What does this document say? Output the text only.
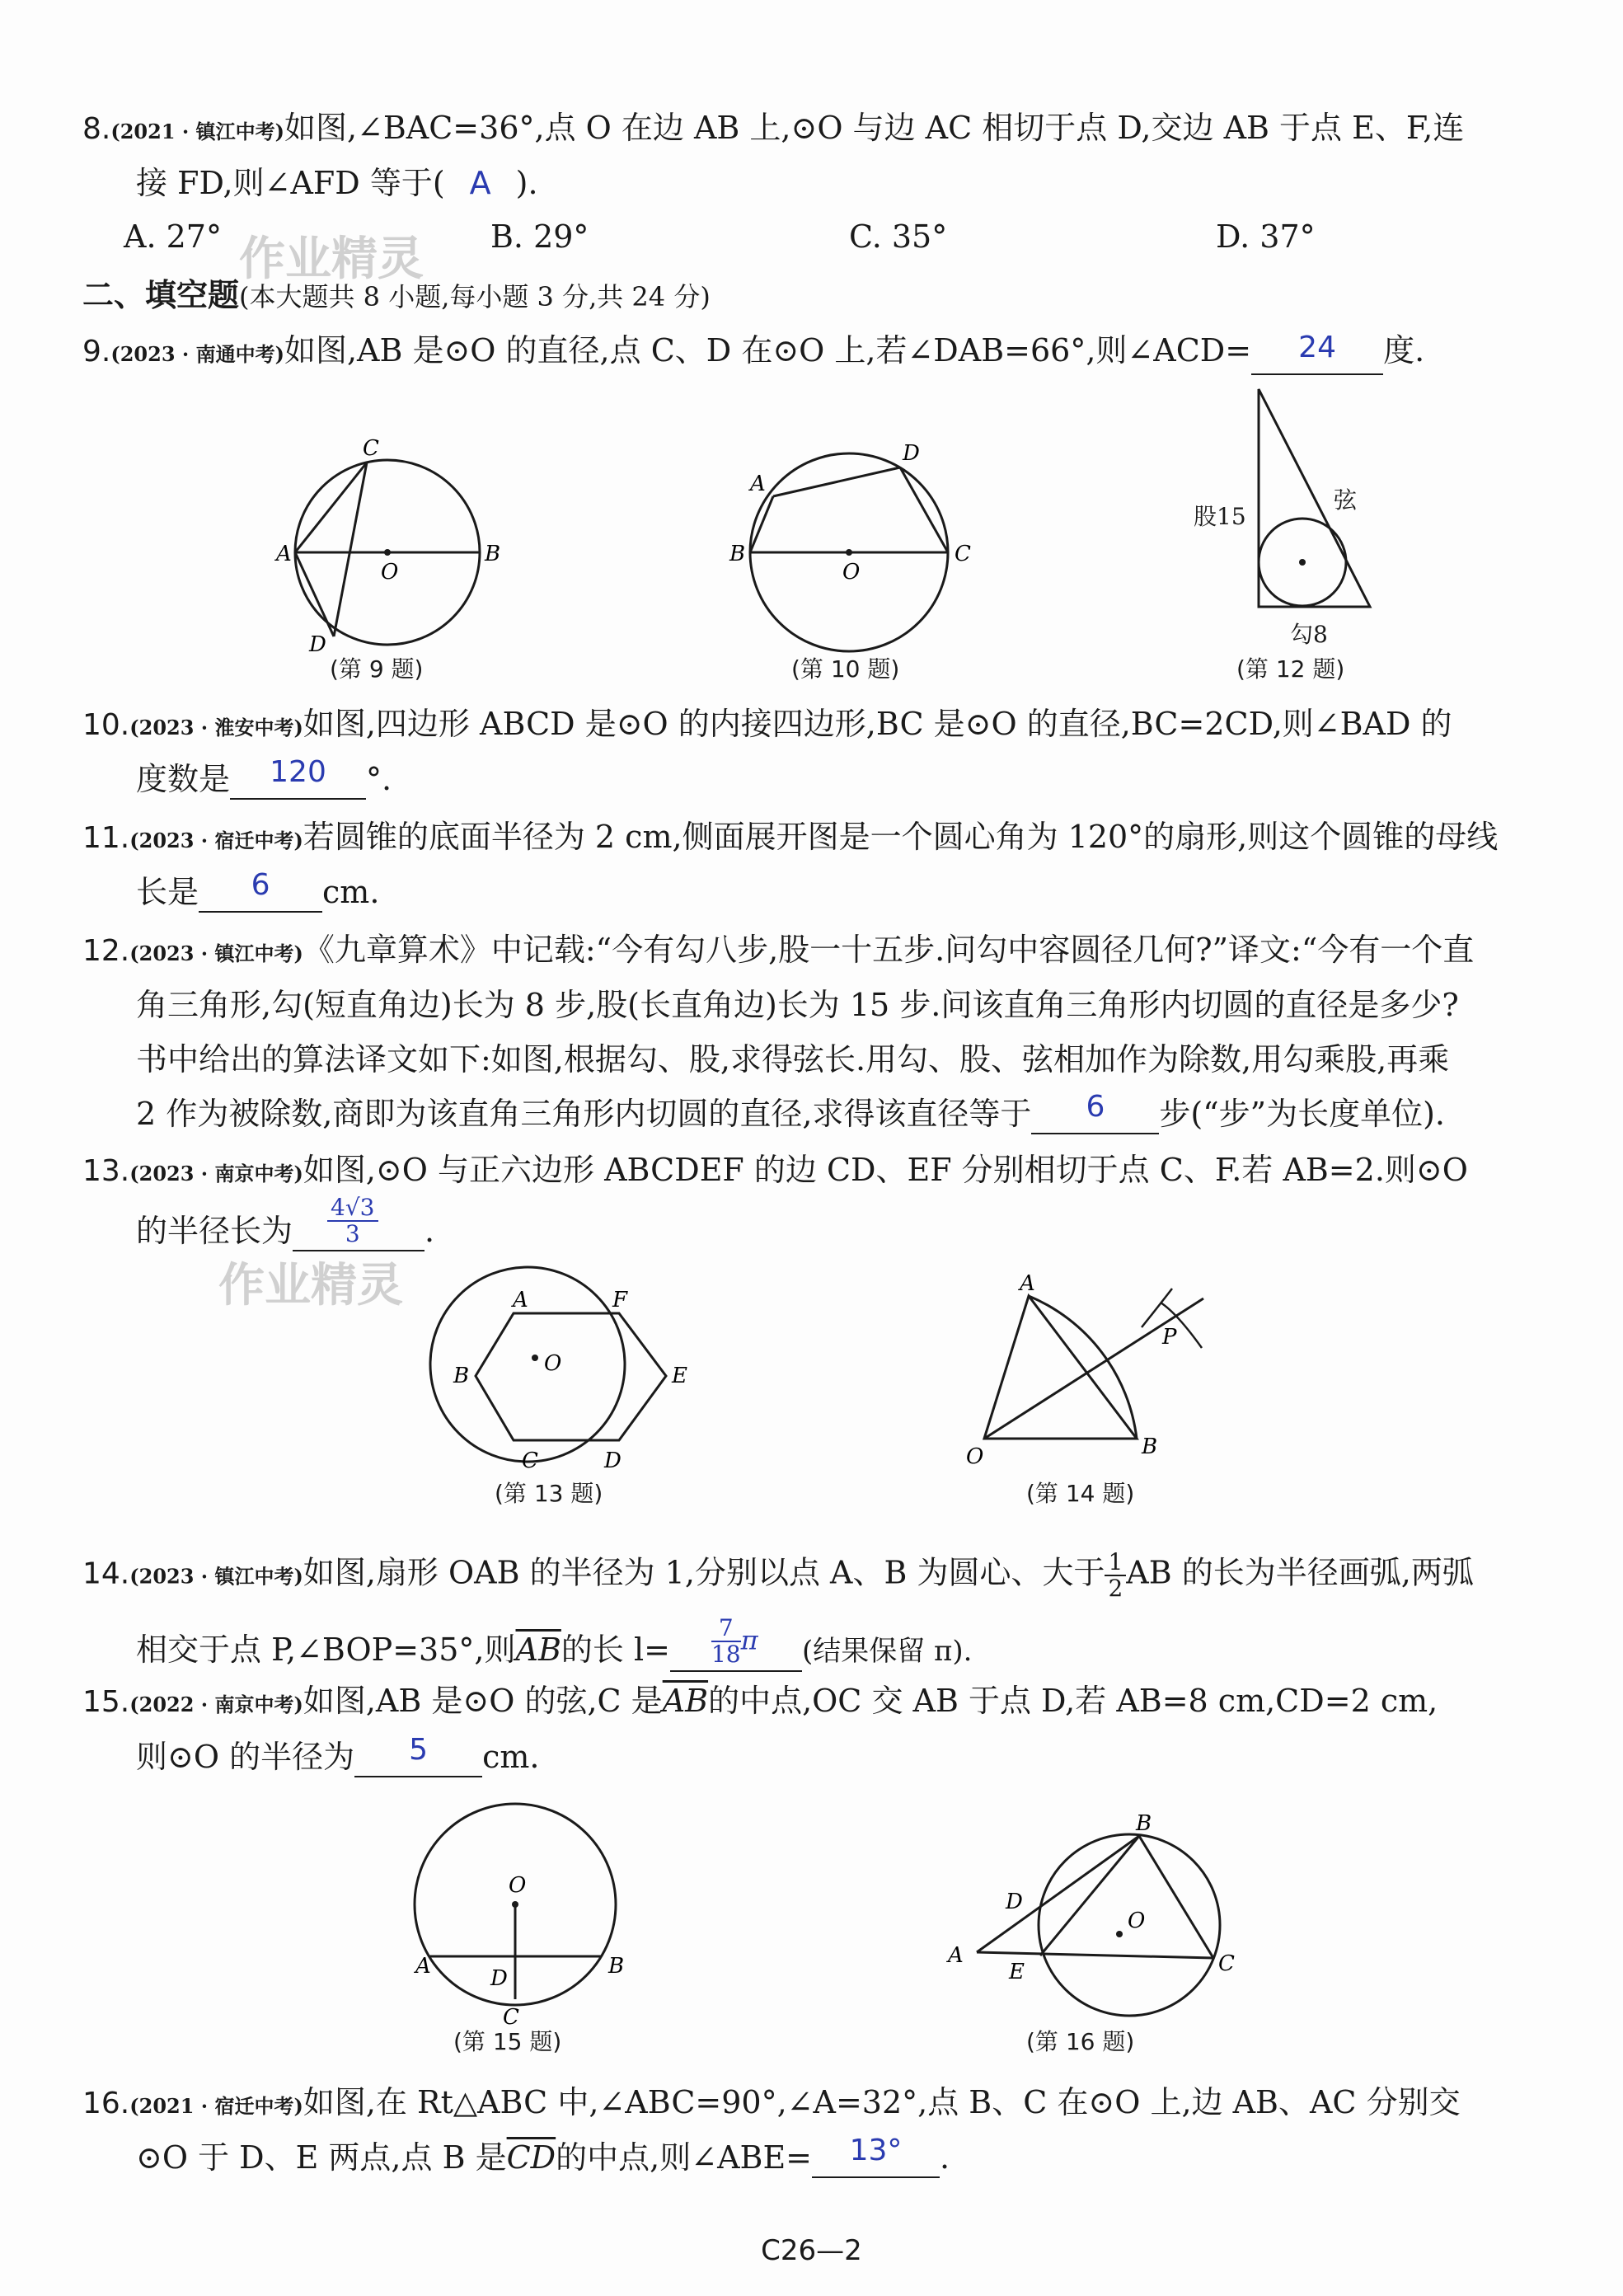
作业精灵
作业精灵
8.(2021 · 镇江中考)如图,∠BAC=36°,点 O 在边 AB 上,⊙O 与边 AC 相切于点 D,交边 AB 于点 E、F,连
接 FD,则∠AFD 等于( A ).
A. 27°	B. 29°	C. 35°	D. 37°
二、填空题(本大题共 8 小题,每小题 3 分,共 24 分)
9.(2023 · 南通中考)如图,AB 是⊙O 的直径,点 C、D 在⊙O 上,若∠DAB=66°,则∠ACD=	24	度.
C
A	B
O
D
(第 9 题)
A
D
B	C
O
(第 10 题)
股15
弦
勾8
(第 12 题)
10.(2023 · 淮安中考)如图,四边形 ABCD 是⊙O 的内接四边形,BC 是⊙O 的直径,BC=2CD,则∠BAD 的
度数是	120	°.
11.(2023 · 宿迁中考)若圆锥的底面半径为 2 cm,侧面展开图是一个圆心角为 120°的扇形,则这个圆锥的母线
长是	6	cm.
12.(2023 · 镇江中考)《九章算术》中记载:“今有勾八步,股一十五步.问勾中容圆径几何?”译文:“今有一个直
角三角形,勾(短直角边)长为 8 步,股(长直角边)长为 15 步.问该直角三角形内切圆的直径是多少?
书中给出的算法译文如下:如图,根据勾、股,求得弦长.用勾、股、弦相加作为除数,用勾乘股,再乘
2 作为被除数,商即为该直角三角形内切圆的直径,求得该直径等于	6	步(“步”为长度单位).
13.(2023 · 南京中考)如图,⊙O 与正六边形 ABCDEF 的边 CD、EF 分别相切于点 C、F.若 AB=2.则⊙O
的半径长为 $\frac{4√3}{3}$ .
A	F
B	O	E
C	D
(第 13 题)
A
P
O	B
(第 14 题)
14.(2023 · 镇江中考)如图,扇形 OAB 的半径为 1,分别以点 A、B 为圆心、大于 $\frac{1}{2}$ AB 的长为半径画弧,两弧
相交于点 P,∠BOP=35°,则$\overline{AB}$的长 $l= \frac{7}{18}$ π (结果保留 π).
15.(2022 · 南京中考)如图,AB 是⊙O 的弦,C 是$\overline{AB}$的中点,OC 交 AB 于点 D,若 AB=8 cm,CD=2 cm,
则⊙O 的半径为	5	cm.
O
A	B
D
C
(第 15 题)
B
D
O
A
E	C
(第 16 题)
16.(2021 · 宿迁中考)如图,在 Rt△ABC 中,∠ABC=90°,∠A=32°,点 B、C 在⊙O 上,边 AB、AC 分别交
⊙O 于 D、E 两点,点 B 是$\overline{CD}$的中点,则∠ABE=	13°	.
C26—2
